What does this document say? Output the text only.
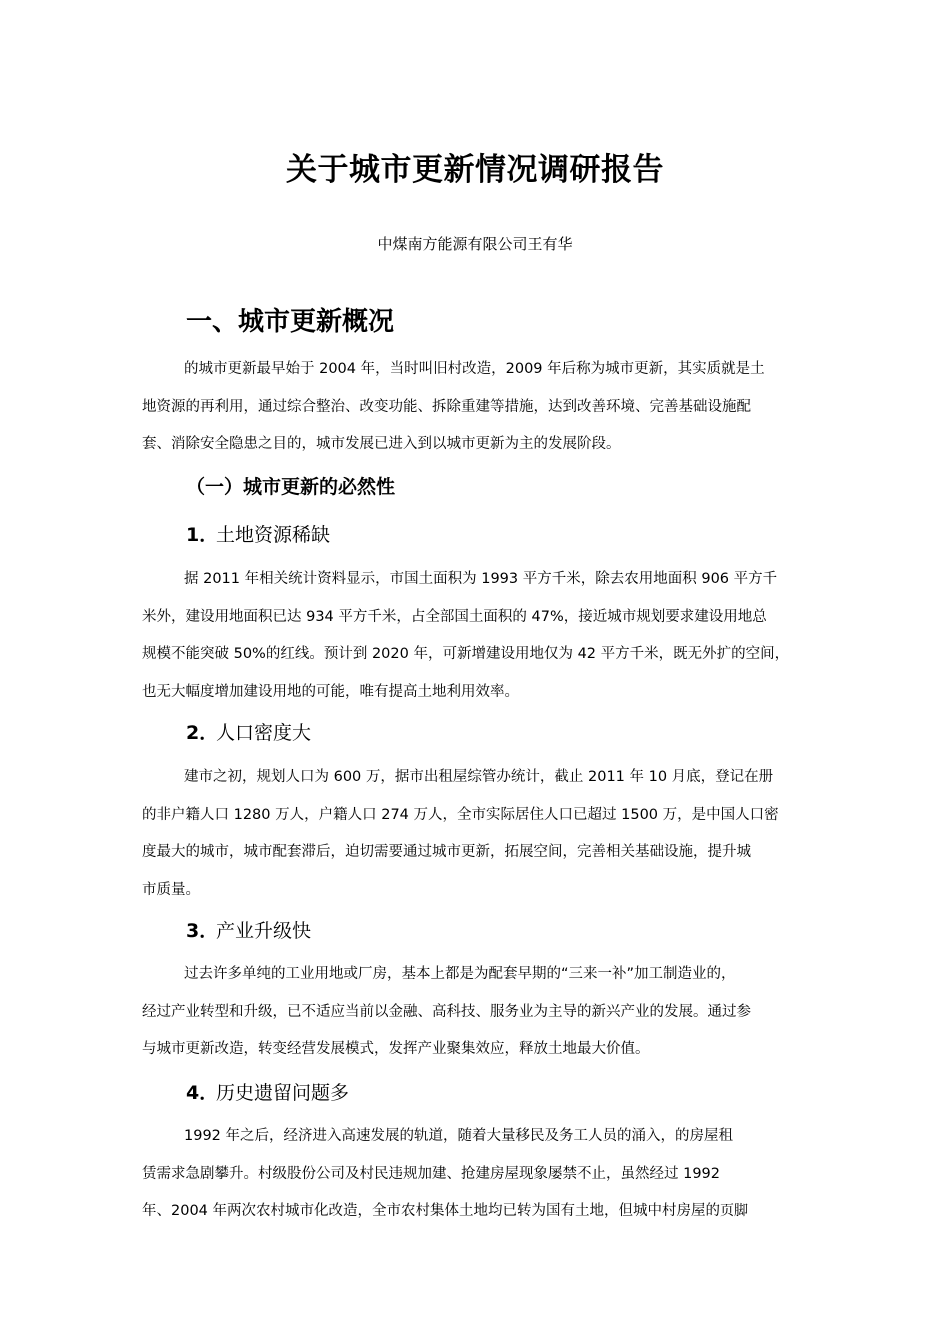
关于城市更新情况调研报告
中煤南方能源有限公司王有华
一、城市更新概况
的城市更新最早始于 2004 年，当时叫旧村改造，2009 年后称为城市更新，其实质就是土
地资源的再利用，通过综合整治、改变功能、拆除重建等措施，达到改善环境、完善基础设施配
套、消除安全隐患之目的，城市发展已进入到以城市更新为主的发展阶段。
（一）城市更新的必然性
1．土地资源稀缺
据 2011 年相关统计资料显示，市国土面积为 1993 平方千米，除去农用地面积 906 平方千
米外，建设用地面积已达 934 平方千米，占全部国土面积的 47%，接近城市规划要求建设用地总
规模不能突破 50%的红线。预计到 2020 年，可新增建设用地仅为 42 平方千米，既无外扩的空间，
也无大幅度增加建设用地的可能，唯有提高土地利用效率。
2．人口密度大
建市之初，规划人口为 600 万，据市出租屋综管办统计，截止 2011 年 10 月底，登记在册
的非户籍人口 1280 万人，户籍人口 274 万人，全市实际居住人口已超过 1500 万，是中国人口密
度最大的城市，城市配套滞后，迫切需要通过城市更新，拓展空间，完善相关基础设施，提升城
市质量。
3．产业升级快
过去许多单纯的工业用地或厂房，基本上都是为配套早期的“三来一补”加工制造业的，
经过产业转型和升级，已不适应当前以金融、高科技、服务业为主导的新兴产业的发展。通过参
与城市更新改造，转变经营发展模式，发挥产业聚集效应，释放土地最大价值。
4．历史遗留问题多
1992 年之后，经济进入高速发展的轨道，随着大量移民及务工人员的涌入，的房屋租
赁需求急剧攀升。村级股份公司及村民违规加建、抢建房屋现象屡禁不止，虽然经过 1992
年、2004 年两次农村城市化改造，全市农村集体土地均已转为国有土地，但城中村房屋的页脚
